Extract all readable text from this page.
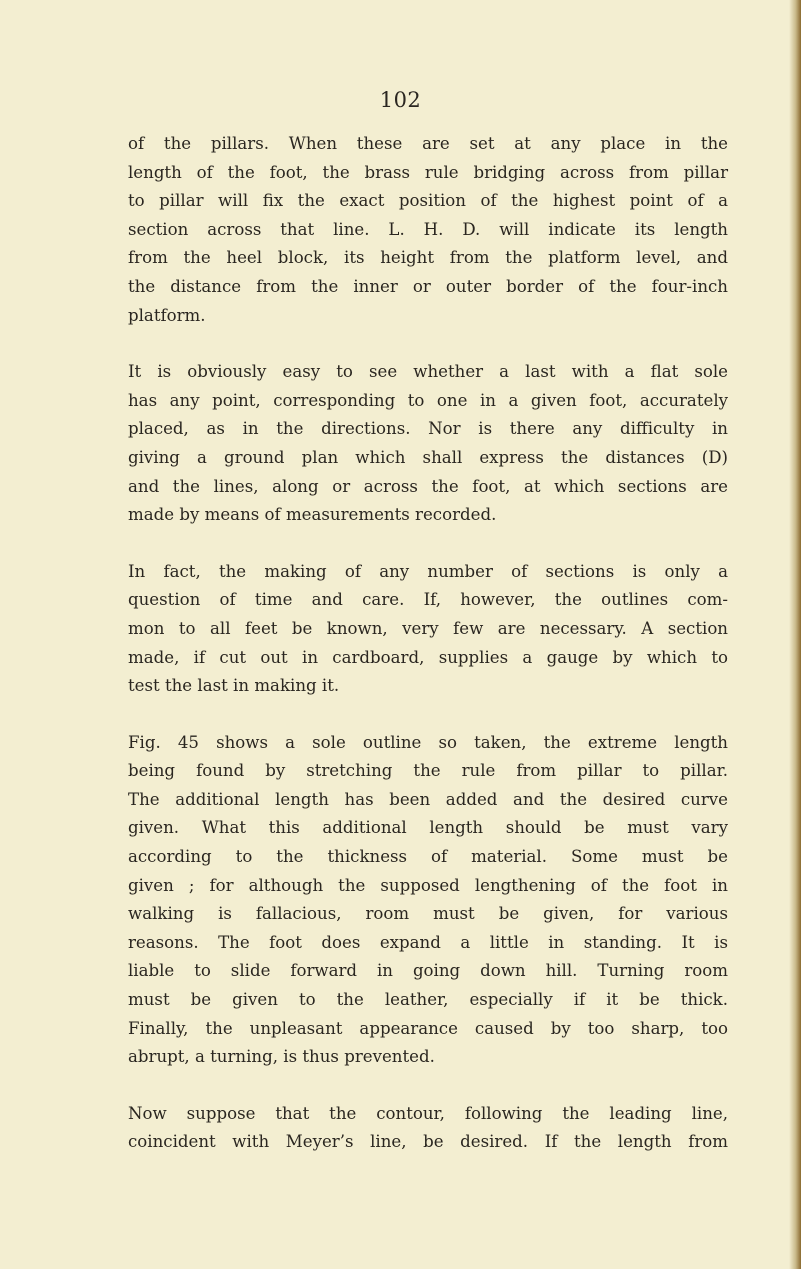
102
of the pillars. When these are set at any place in the
length of the foot, the brass rule bridging across from pillar
to pillar will fix the exact position of the highest point of a
section across that line. L. H. D. will indicate its length
from the heel block, its height from the platform level, and
the distance from the inner or outer border of the four-inch
platform.
It is obviously easy to see whether a last with a flat sole
has any point, corresponding to one in a given foot, accurately
placed, as in the directions. Nor is there any difficulty in
giving a ground plan which shall express the distances (D)
and the lines, along or across the foot, at which sections are
made by means of measurements recorded.
In fact, the making of any number of sections is only a
question of time and care. If, however, the outlines com-
mon to all feet be known, very few are necessary. A section
made, if cut out in cardboard, supplies a gauge by which to
test the last in making it.
Fig. 45 shows a sole outline so taken, the extreme length
being found by stretching the rule from pillar to pillar.
The additional length has been added and the desired curve
given. What this additional length should be must vary
according to the thickness of material. Some must be
given ; for although the supposed lengthening of the foot in
walking is fallacious, room must be given, for various
reasons. The foot does expand a little in standing. It is
liable to slide forward in going down hill. Turning room
must be given to the leather, especially if it be thick.
Finally, the unpleasant appearance caused by too sharp, too
abrupt, a turning, is thus prevented.
Now suppose that the contour, following the leading line,
coincident with Meyer’s line, be desired. If the length from
